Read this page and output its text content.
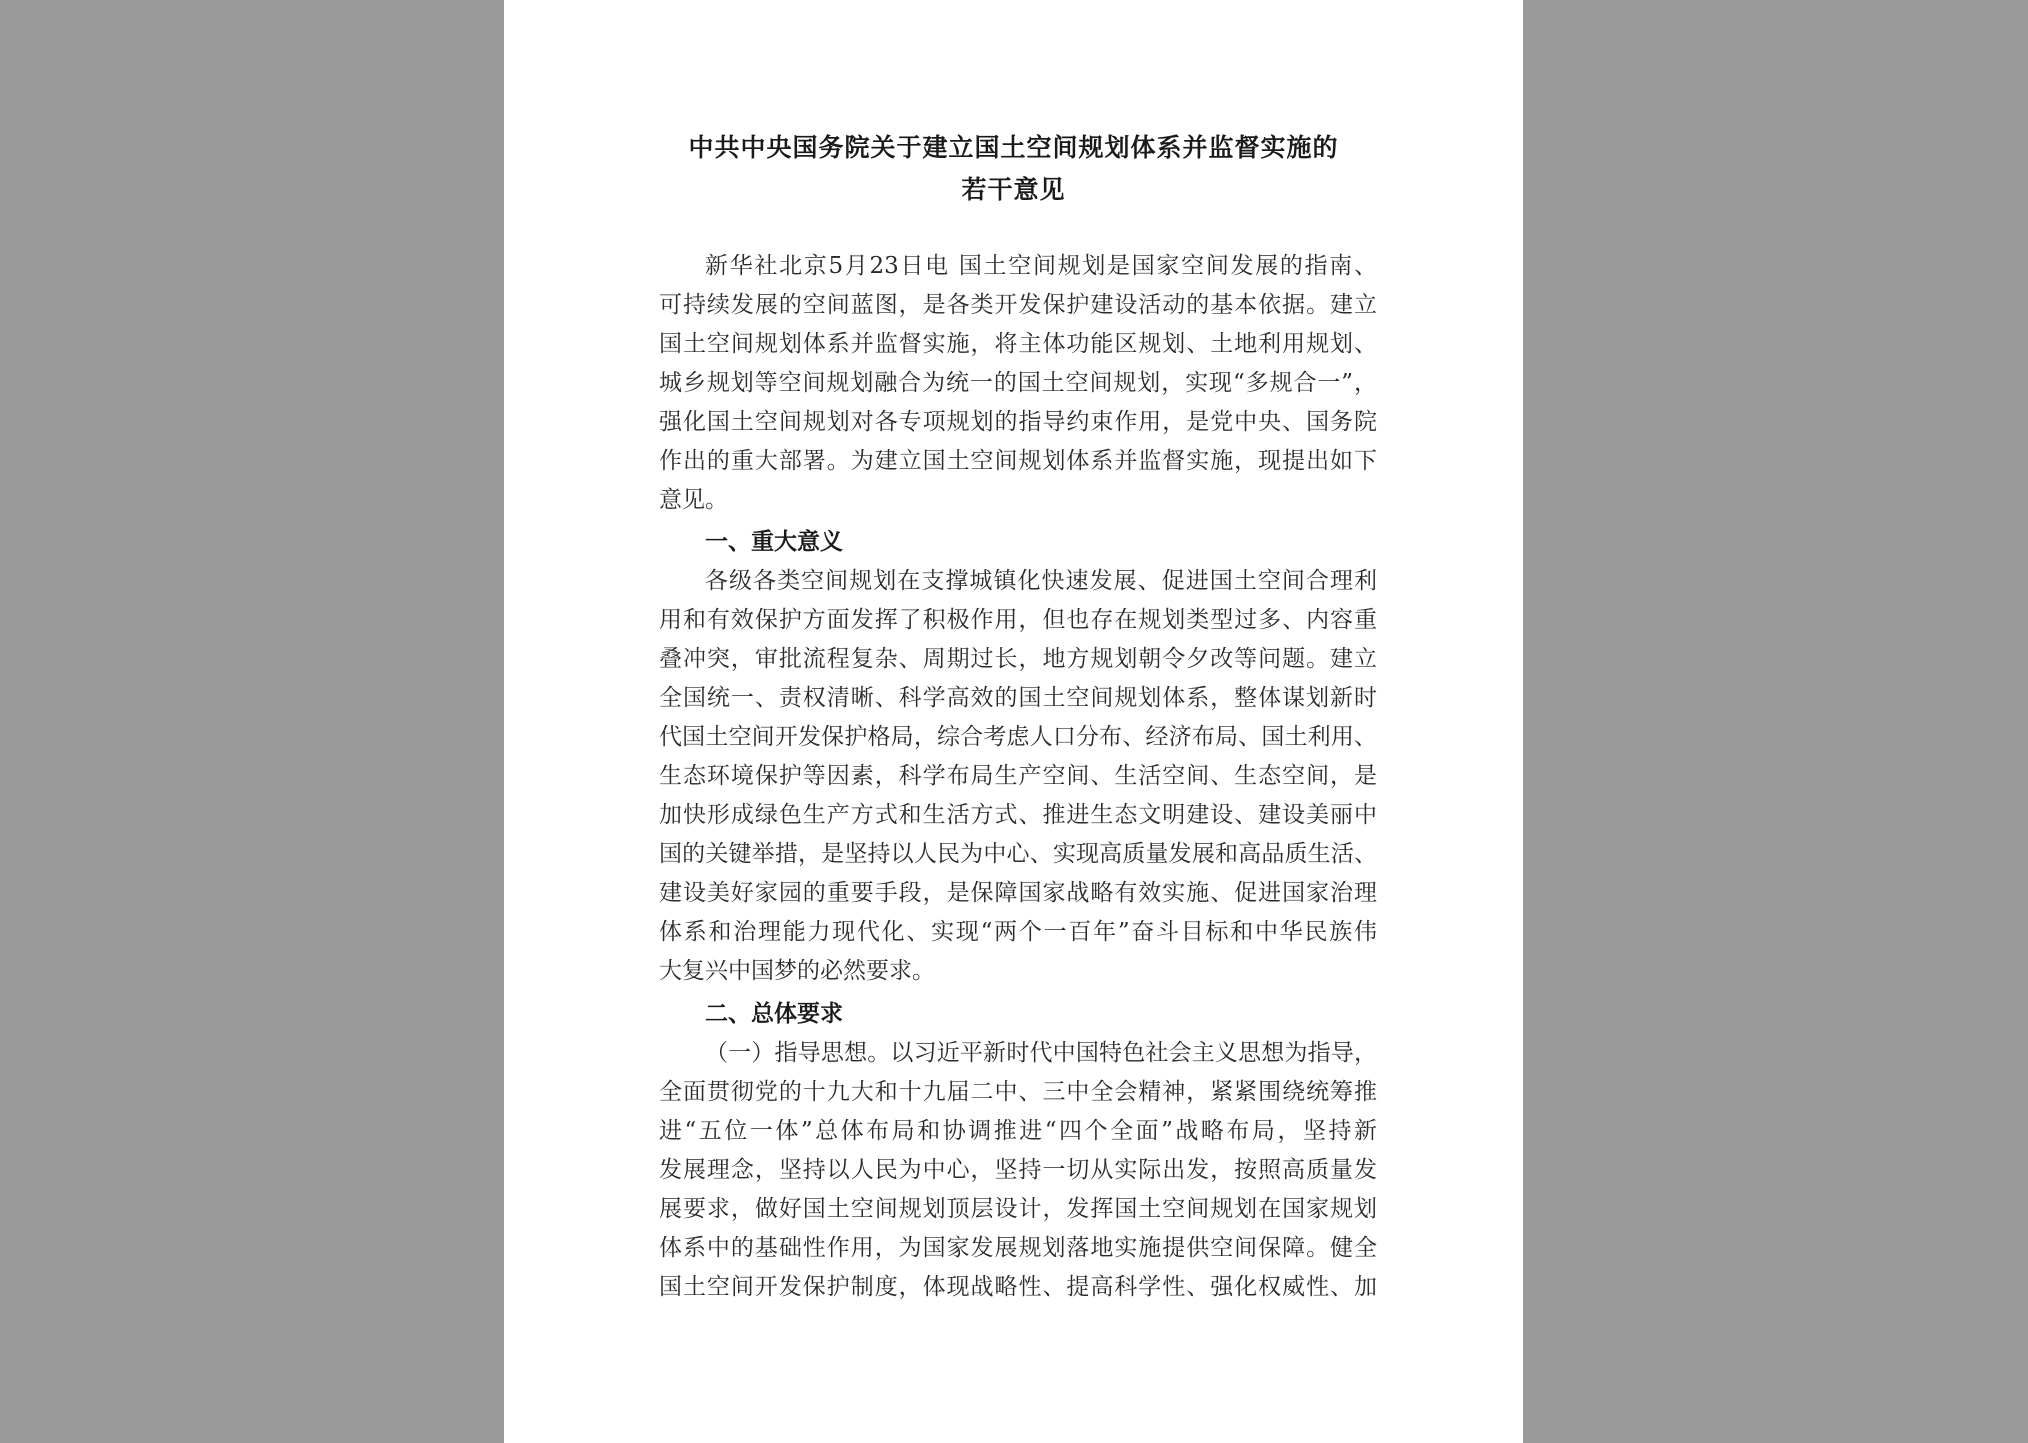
中共中央国务院关于建立国土空间规划体系并监督实施的
若干意见
新华社北京5月23日电 国土空间规划是国家空间发展的指南、
可持续发展的空间蓝图，是各类开发保护建设活动的基本依据。建立
国土空间规划体系并监督实施，将主体功能区规划、土地利用规划、
城乡规划等空间规划融合为统一的国土空间规划，实现“多规合一”，
强化国土空间规划对各专项规划的指导约束作用，是党中央、国务院
作出的重大部署。为建立国土空间规划体系并监督实施，现提出如下
意见。
一、重大意义
各级各类空间规划在支撑城镇化快速发展、促进国土空间合理利
用和有效保护方面发挥了积极作用，但也存在规划类型过多、内容重
叠冲突，审批流程复杂、周期过长，地方规划朝令夕改等问题。建立
全国统一、责权清晰、科学高效的国土空间规划体系，整体谋划新时
代国土空间开发保护格局，综合考虑人口分布、经济布局、国土利用、
生态环境保护等因素，科学布局生产空间、生活空间、生态空间，是
加快形成绿色生产方式和生活方式、推进生态文明建设、建设美丽中
国的关键举措，是坚持以人民为中心、实现高质量发展和高品质生活、
建设美好家园的重要手段，是保障国家战略有效实施、促进国家治理
体系和治理能力现代化、实现“两个一百年”奋斗目标和中华民族伟
大复兴中国梦的必然要求。
二、总体要求
（一）指导思想。以习近平新时代中国特色社会主义思想为指导，
全面贯彻党的十九大和十九届二中、三中全会精神，紧紧围绕统筹推
进“五位一体”总体布局和协调推进“四个全面”战略布局，坚持新
发展理念，坚持以人民为中心，坚持一切从实际出发，按照高质量发
展要求，做好国土空间规划顶层设计，发挥国土空间规划在国家规划
体系中的基础性作用，为国家发展规划落地实施提供空间保障。健全
国土空间开发保护制度，体现战略性、提高科学性、强化权威性、加
